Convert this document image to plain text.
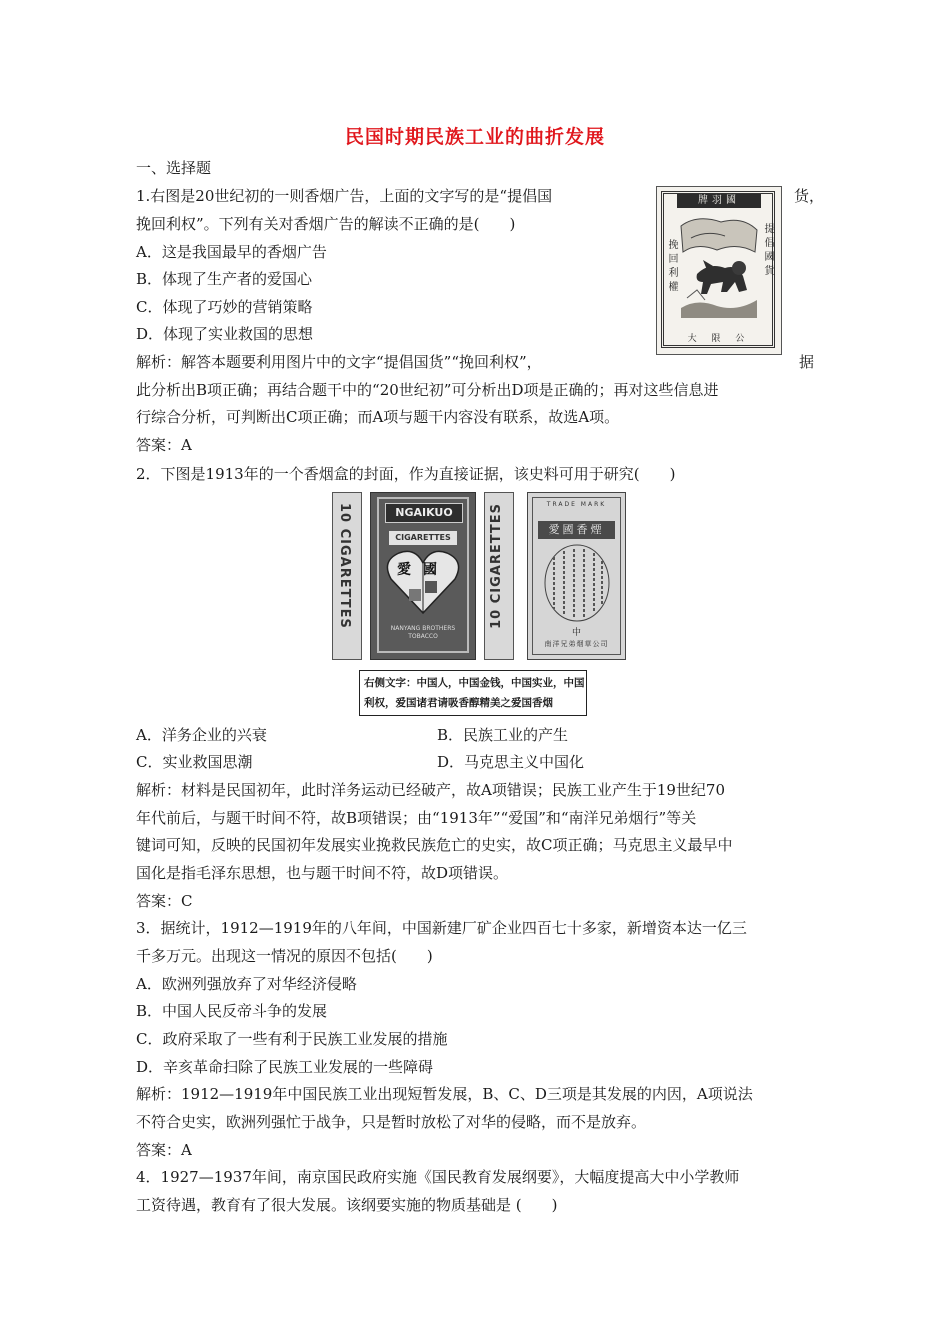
民国时期民族工业的曲折发展
一、选择题
1.右图是20世纪初的一则香烟广告，上面的文字写的是“提倡国	货，
挽回利权”。下列有关对香烟广告的解读不正确的是(　　)
A．这是我国最早的香烟广告
B．体现了生产者的爱国心
C．体现了巧妙的营销策略
D．体现了实业救国的思想
解析：解答本题要利用图片中的文字“提倡国货”“挽回利权”，	据
此分析出B项正确；再结合题干中的“20世纪初”可分析出D项是正确的；再对这些信息进
行综合分析，可判断出C项正确；而A项与题干内容没有联系，故选A项。
答案：A
牌羽國
挽回利權	提倡國貨
大 限 公
2．下图是1913年的一个香烟盒的封面，作为直接证据，该史料可用于研究(　　)
10 CIGARETTES	NGAIKUO
CIGARETTES
愛國
NANYANG BROTHERS TOBACCO
10 CIGARETTES	TRADE MARK
愛國香煙
中
南洋兄弟烟草公司
右侧文字：中国人，中国金钱，中国实业，中国
利权，爱国诸君请吸香醇精美之爱国香烟
A．洋务企业的兴衰	B．民族工业的产生
C．实业救国思潮	D．马克思主义中国化
解析：材料是民国初年，此时洋务运动已经破产，故A项错误；民族工业产生于19世纪70
年代前后，与题干时间不符，故B项错误；由“1913年”“爱国”和“南洋兄弟烟行”等关
键词可知，反映的民国初年发展实业挽救民族危亡的史实，故C项正确；马克思主义最早中
国化是指毛泽东思想，也与题干时间不符，故D项错误。
答案：C
3．据统计，1912—1919年的八年间，中国新建厂矿企业四百七十多家，新增资本达一亿三
千多万元。出现这一情况的原因不包括(　　)
A．欧洲列强放弃了对华经济侵略
B．中国人民反帝斗争的发展
C．政府采取了一些有利于民族工业发展的措施
D．辛亥革命扫除了民族工业发展的一些障碍
解析：1912—1919年中国民族工业出现短暂发展，B、C、D三项是其发展的内因，A项说法
不符合史实，欧洲列强忙于战争，只是暂时放松了对华的侵略，而不是放弃。
答案：A
4．1927—1937年间，南京国民政府实施《国民教育发展纲要》，大幅度提高大中小学教师
工资待遇，教育有了很大发展。该纲要实施的物质基础是 (　　)
